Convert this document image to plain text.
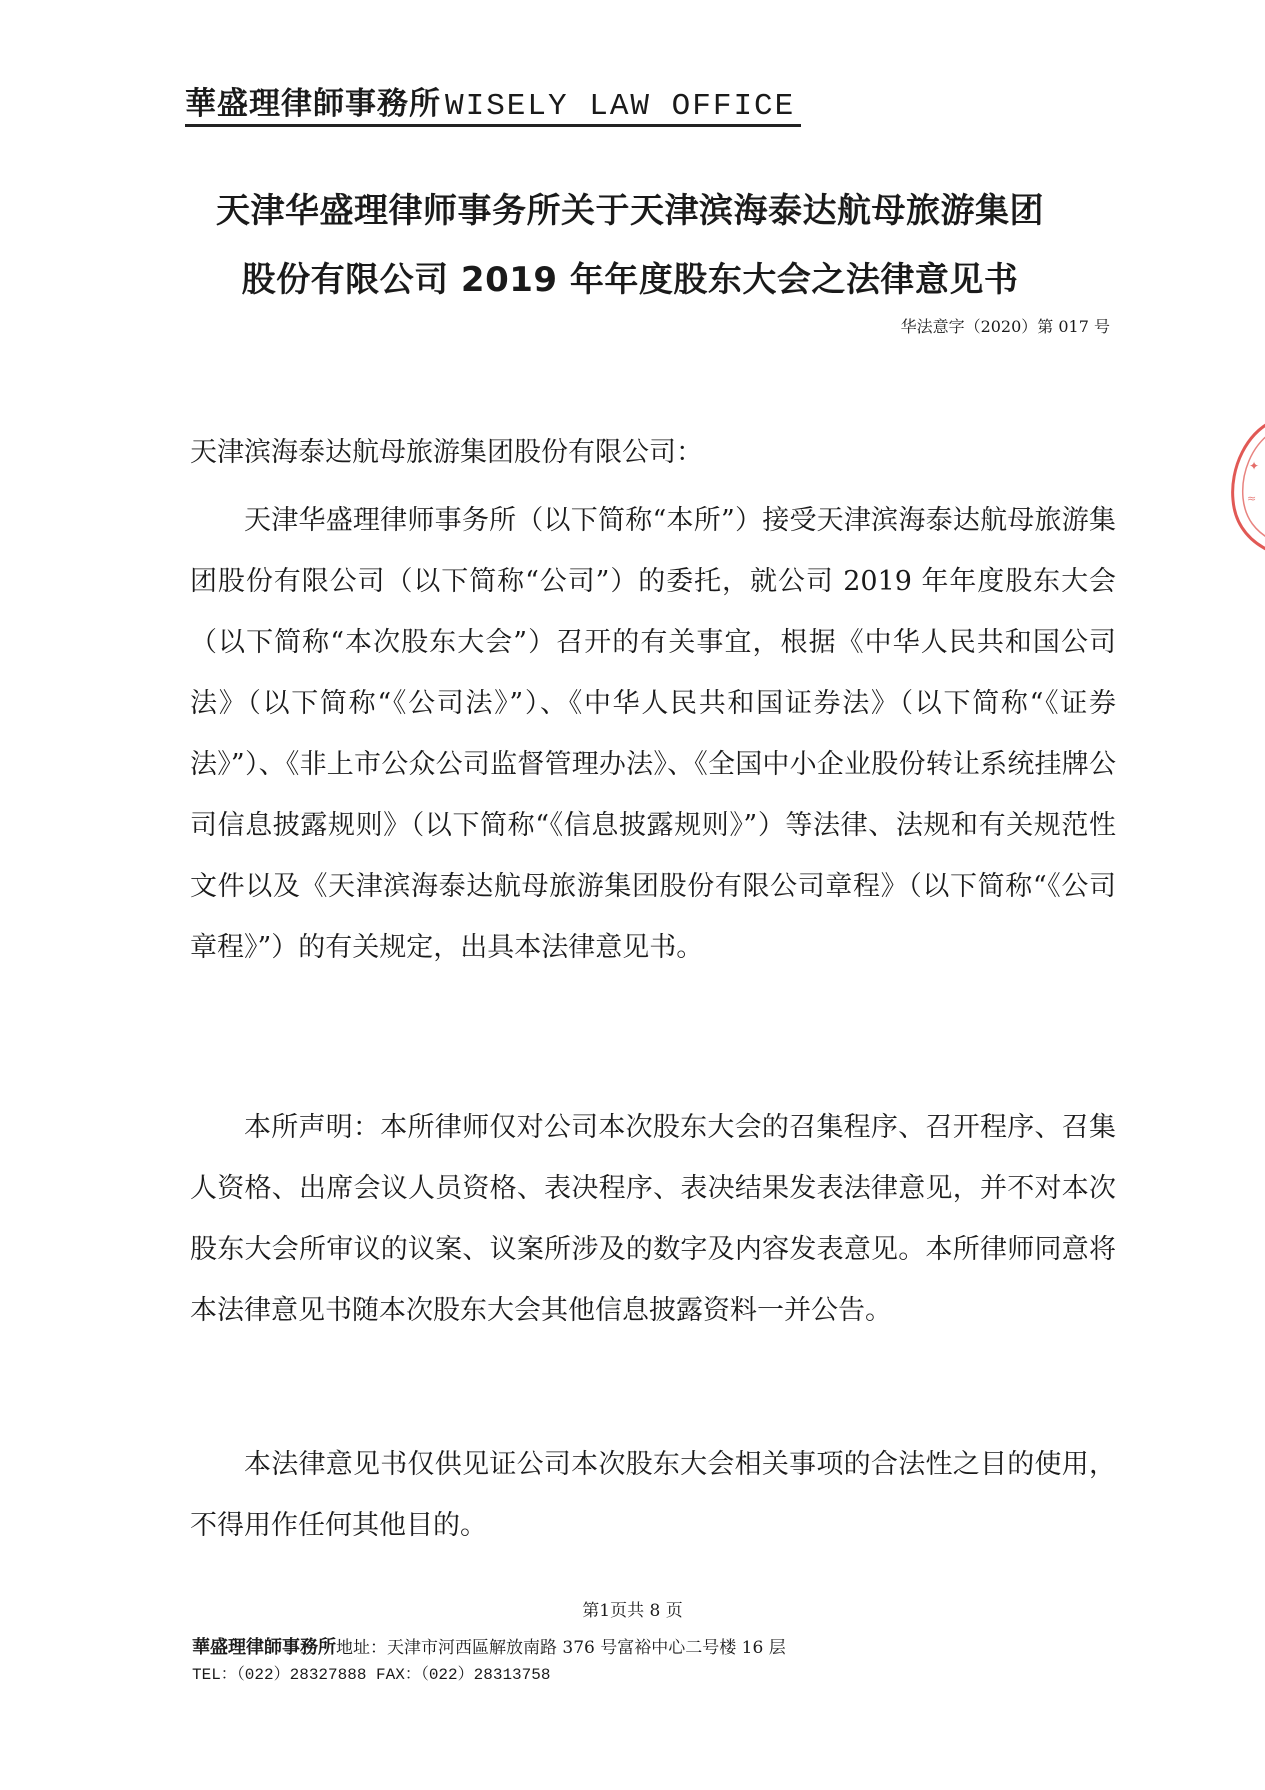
華盛理律師事務所 WISELY LAW OFFICE
天津华盛理律师事务所关于天津滨海泰达航母旅游集团
股份有限公司 2019 年年度股东大会之法律意见书
华法意字（2020）第 017 号
天津滨海泰达航母旅游集团股份有限公司：

天津华盛理律师事务所（以下简称“本所”）接受天津滨海泰达航母旅游集团股份有限公司（以下简称“公司”）的委托，就公司 2019 年年度股东大会（以下简称“本次股东大会”）召开的有关事宜，根据《中华人民共和国公司法》（以下简称“《公司法》”）、《中华人民共和国证券法》（以下简称“《证券法》”）、《非上市公众公司监督管理办法》、《全国中小企业股份转让系统挂牌公司信息披露规则》（以下简称“《信息披露规则》”）等法律、法规和有关规范性文件以及《天津滨海泰达航母旅游集团股份有限公司章程》（以下简称“《公司章程》”）的有关规定，出具本法律意见书。

本所声明：本所律师仅对公司本次股东大会的召集程序、召开程序、召集人资格、出席会议人员资格、表决程序、表决结果发表法律意见，并不对本次股东大会所审议的议案、议案所涉及的数字及内容发表意见。本所律师同意将本法律意见书随本次股东大会其他信息披露资料一并公告。

本法律意见书仅供见证公司本次股东大会相关事项的合法性之目的使用，不得用作任何其他目的。

第1页共 8 页
華盛理律師事務所地址：天津市河西區解放南路 376 号富裕中心二号楼 16 层
TEL：（022）28327888 FAX：（022）28313758
✦
≈
